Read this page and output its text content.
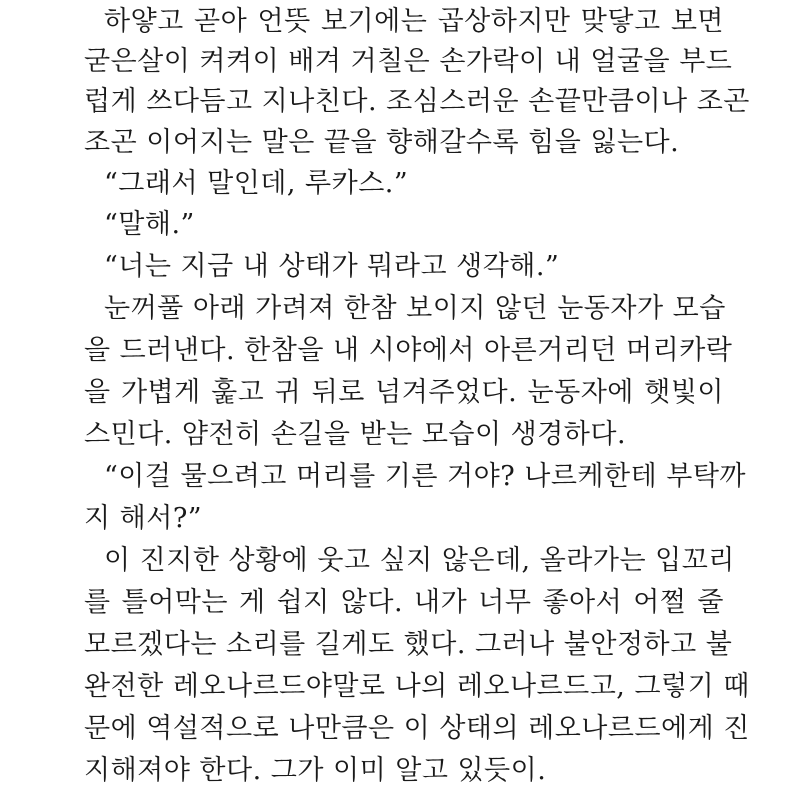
하얗고 곧아 언뜻 보기에는 곱상하지만 맞닿고 보면
굳은살이 켜켜이 배겨 거칠은 손가락이 내 얼굴을 부드
럽게 쓰다듬고 지나친다. 조심스러운 손끝만큼이나 조곤
조곤 이어지는 말은 끝을 향해갈수록 힘을 잃는다.
“그래서 말인데, 루카스.”
“말해.”
“너는 지금 내 상태가 뭐라고 생각해.”
눈꺼풀 아래 가려져 한참 보이지 않던 눈동자가 모습
을 드러낸다. 한참을 내 시야에서 아른거리던 머리카락
을 가볍게 훑고 귀 뒤로 넘겨주었다. 눈동자에 햇빛이
스민다. 얌전히 손길을 받는 모습이 생경하다.
“이걸 물으려고 머리를 기른 거야? 나르케한테 부탁까
지 해서?”
이 진지한 상황에 웃고 싶지 않은데, 올라가는 입꼬리
를 틀어막는 게 쉽지 않다. 내가 너무 좋아서 어쩔 줄
모르겠다는 소리를 길게도 했다. 그러나 불안정하고 불
완전한 레오나르드야말로 나의 레오나르드고, 그렇기 때
문에 역설적으로 나만큼은 이 상태의 레오나르드에게 진
지해져야 한다. 그가 이미 알고 있듯이.
